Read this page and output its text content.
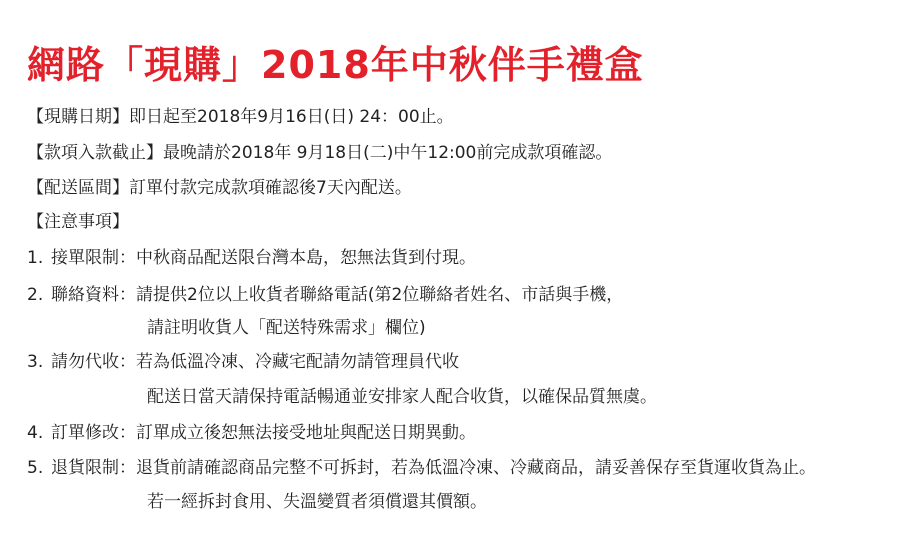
網路「現購」2018年中秋伴手禮盒
【現購日期】即日起至2018年9月16日(日) 24：00止。
【款項入款截止】最晚請於2018年 9月18日(二)中午12:00前完成款項確認。
【配送區間】訂單付款完成款項確認後7天內配送。
【注意事項】
1. 接單限制：中秋商品配送限台灣本島，恕無法貨到付現。
2. 聯絡資料：請提供2位以上收貨者聯絡電話(第2位聯絡者姓名、市話與手機，
請註明收貨人「配送特殊需求」欄位)
3. 請勿代收：若為低溫冷凍、冷藏宅配請勿請管理員代收
配送日當天請保持電話暢通並安排家人配合收貨，以確保品質無虞。
4. 訂單修改：訂單成立後恕無法接受地址與配送日期異動。
5. 退貨限制：退貨前請確認商品完整不可拆封，若為低溫冷凍、冷藏商品，請妥善保存至貨運收貨為止。
若一經拆封食用、失溫變質者須償還其價額。
